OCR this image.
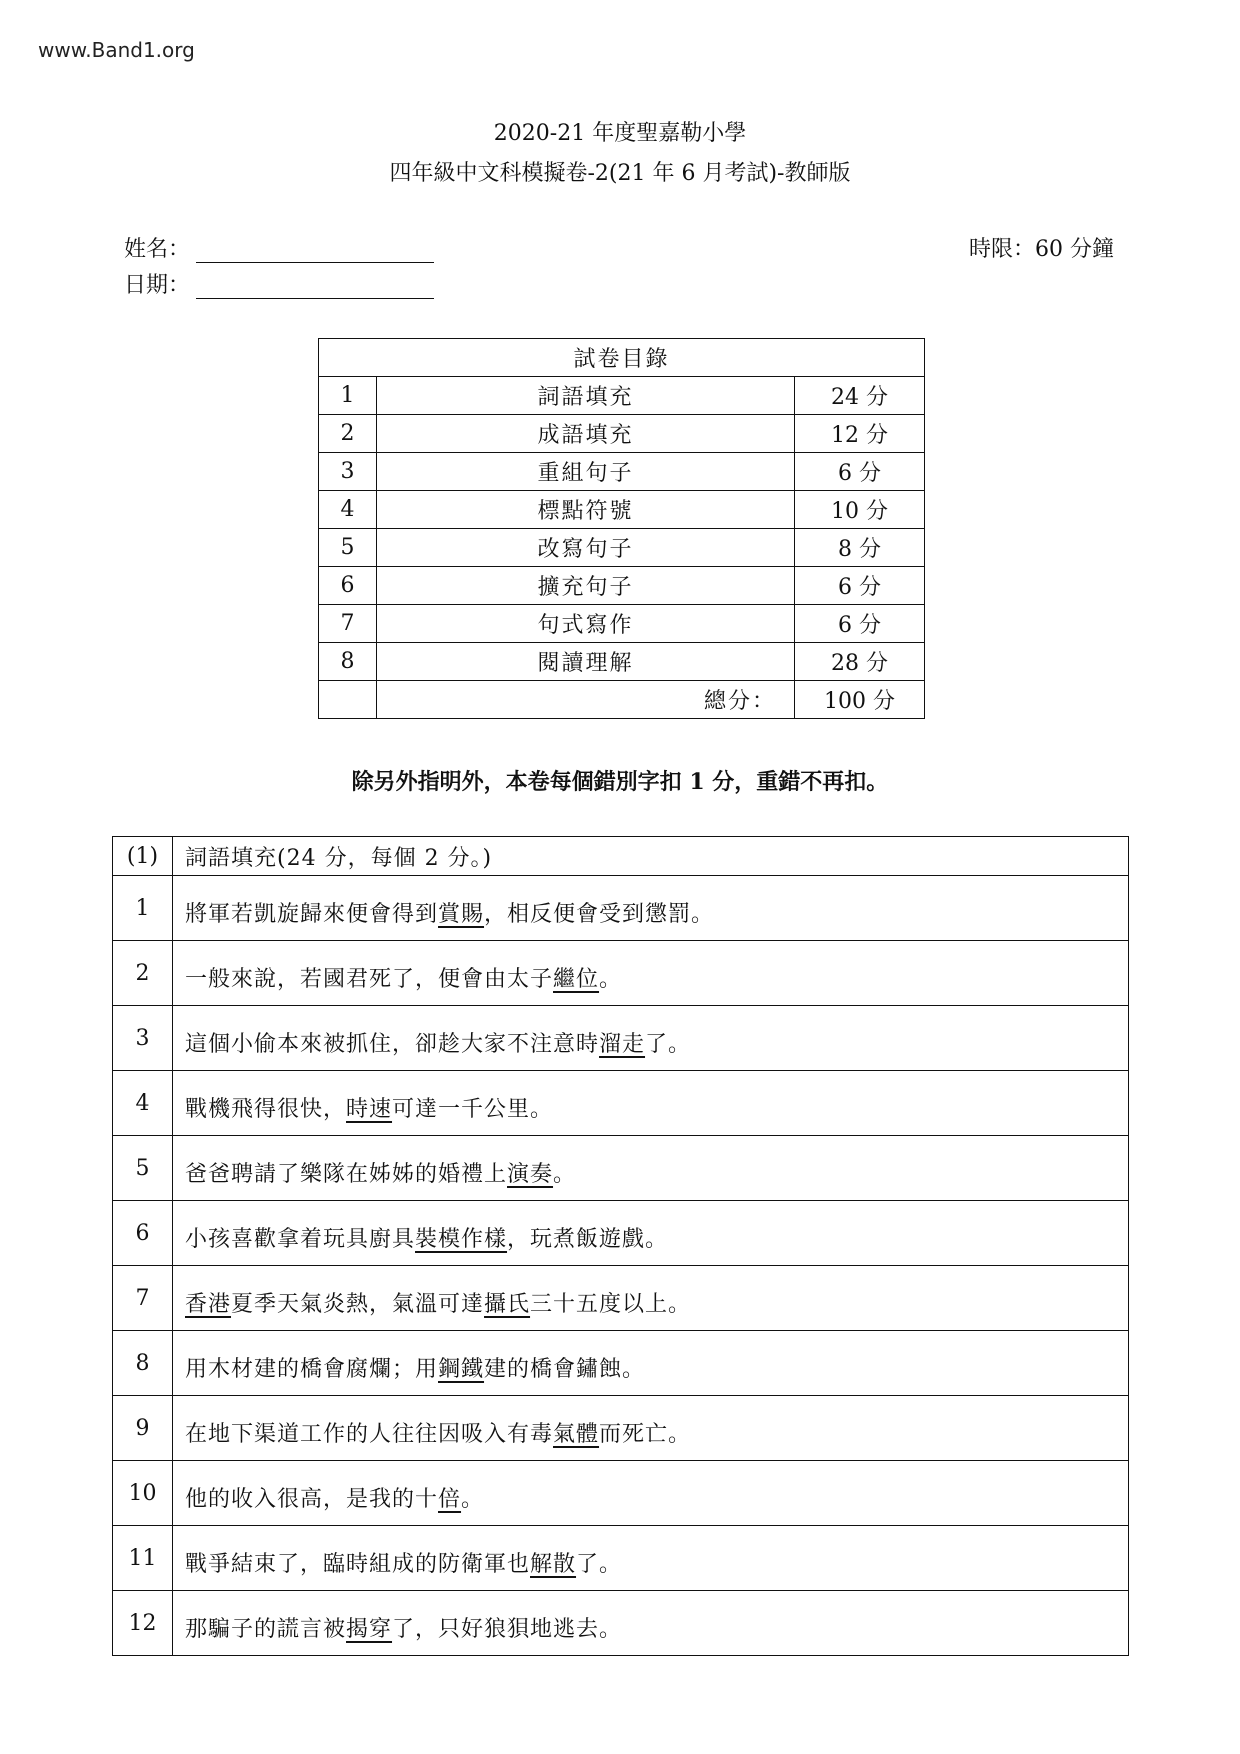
www.Band1.org
2020-21 年度聖嘉勒小學
四年級中文科模擬卷-2(21 年 6 月考試)-教師版
姓名：
日期：
時限：60 分鐘
試卷目錄		
1	詞語填充	24 分
2	成語填充	12 分
3	重組句子	6 分
4	標點符號	10 分
5	改寫句子	8 分
6	擴充句子	6 分
7	句式寫作	6 分
8	閱讀理解	28 分
	總分：	100 分
除另外指明外，本卷每個錯別字扣 1 分，重錯不再扣。
(1)	詞語填充(24 分，每個 2 分。)
1	將軍若凱旋歸來便會得到賞賜，相反便會受到懲罰。
2	一般來說，若國君死了，便會由太子繼位。
3	這個小偷本來被抓住，卻趁大家不注意時溜走了。
4	戰機飛得很快，時速可達一千公里。
5	爸爸聘請了樂隊在姊姊的婚禮上演奏。
6	小孩喜歡拿着玩具廚具裝模作樣，玩煮飯遊戲。
7	香港夏季天氣炎熱，氣溫可達攝氏三十五度以上。
8	用木材建的橋會腐爛；用鋼鐵建的橋會鏽蝕。
9	在地下渠道工作的人往往因吸入有毒氣體而死亡。
10	他的收入很高，是我的十倍。
11	戰爭結束了，臨時組成的防衛軍也解散了。
12	那騙子的謊言被揭穿了，只好狼狽地逃去。
